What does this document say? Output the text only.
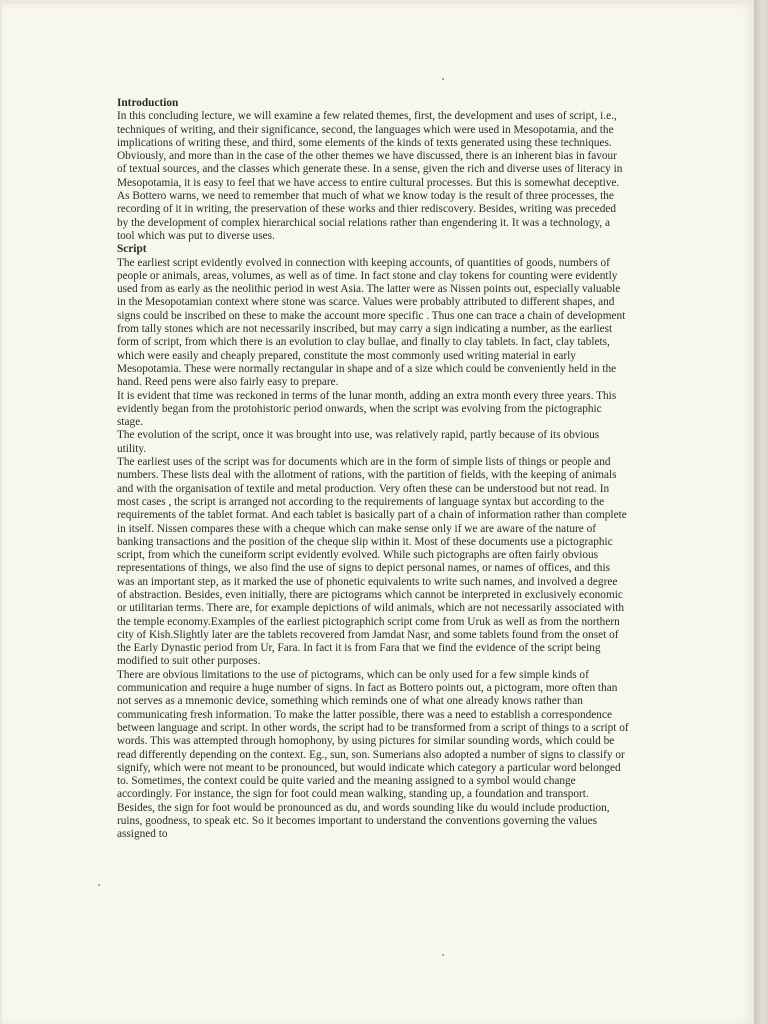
Introduction

In this concluding lecture, we will examine a few related themes, first, the development and uses of script, i.e., techniques of writing, and their significance, second, the languages which were used in Mesopotamia, and the implications of writing these, and third, some elements of the kinds of texts generated using these techniques. Obviously, and more than in the case of the other themes we have discussed, there is an inherent bias in favour of textual sources, and the classes which generate these. In a sense, given the rich and diverse uses of literacy in Mesopotamia, it is easy to feel that we have access to entire cultural processes. But this is somewhat deceptive. As Bottero warns, we need to remember that much of what we know today is the result of three processes, the recording of it in writing, the preservation of these works and thier rediscovery. Besides, writing was preceded by the development of complex hierarchical social relations rather than engendering it. It was a technology, a tool which was put to diverse uses.

Script

The earliest script evidently evolved in connection with keeping accounts, of quantities of goods, numbers of people or animals, areas, volumes, as well as of time. In fact stone and clay tokens for counting were evidently used from as early as the neolithic period in west Asia. The latter were as Nissen points out, especially valuable in the Mesopotamian context where stone was scarce. Values were probably attributed to different shapes, and signs could be inscribed on these to make the account more specific . Thus one can trace a chain of development from tally stones which are not necessarily inscribed, but may carry a sign indicating a number, as the earliest form of script, from which there is an evolution to clay bullae, and finally to clay tablets. In fact, clay tablets, which were easily and cheaply prepared, constitute the most commonly used writing material in early Mesopotamia. These were normally rectangular in shape and of a size which could be conveniently held in the hand. Reed pens were also fairly easy to prepare.

It is evident that time was reckoned in terms of the lunar month, adding an extra month every three years. This evidently began from the protohistoric period onwards, when the script was evolving from the pictographic stage.

The evolution of the script, once it was brought into use, was relatively rapid, partly because of its obvious utility.

The earliest uses of the script was for documents which are in the form of simple lists of things or people and numbers. These lists deal with the allotment of rations, with the partition of fields, with the keeping of animals and with the organisation of textile and metal production. Very often these can be understood but not read. In most cases , the script is arranged not according to the requirements of language syntax but according to the requirements of the tablet format. And each tablet is basically part of a chain of information rather than complete in itself. Nissen compares these with a cheque which can make sense only if we are aware of the nature of banking transactions and the position of the cheque slip within it. Most of these documents use a pictographic script, from which the cuneiform script evidently evolved. While such pictographs are often fairly obvious representations of things, we also find the use of signs to depict personal names, or names of offices, and this was an important step, as it marked the use of phonetic equivalents to write such names, and involved a degree of abstraction. Besides, even initially, there are pictograms which cannot be interpreted in exclusively economic or utilitarian terms. There are, for example depictions of wild animals, which are not necessarily associated with the temple economy.Examples of the earliest pictographich script come from Uruk as well as from the northern city of Kish.Slightly later are the tablets recovered from Jamdat Nasr, and some tablets found from the onset of the Early Dynastic period from Ur, Fara. In fact it is from Fara that we find the evidence of the script being modified to suit other purposes.

There are obvious limitations to the use of pictograms, which can be only used for a few simple kinds of communication and require a huge number of signs. In fact as Bottero points out, a pictogram, more often than not serves as a mnemonic device, something which reminds one of what one already knows rather than communicating fresh information. To make the latter possible, there was a need to establish a correspondence between language and script. In other words, the script had to be transformed from a script of things to a script of words. This was attempted through homophony, by using pictures for similar sounding words, which could be read differently depending on the context. Eg., sun, son. Sumerians also adopted a number of signs to classify or signify, which were not meant to be pronounced, but would indicate which category a particular word belonged to. Sometimes, the context could be quite varied and the meaning assigned to a symbol would change accordingly. For instance, the sign for foot could mean walking, standing up, a foundation and transport. Besides, the sign for foot would be pronounced as du, and words sounding like du would include production, ruins, goodness, to speak etc. So it becomes important to understand the conventions governing the values assigned to
